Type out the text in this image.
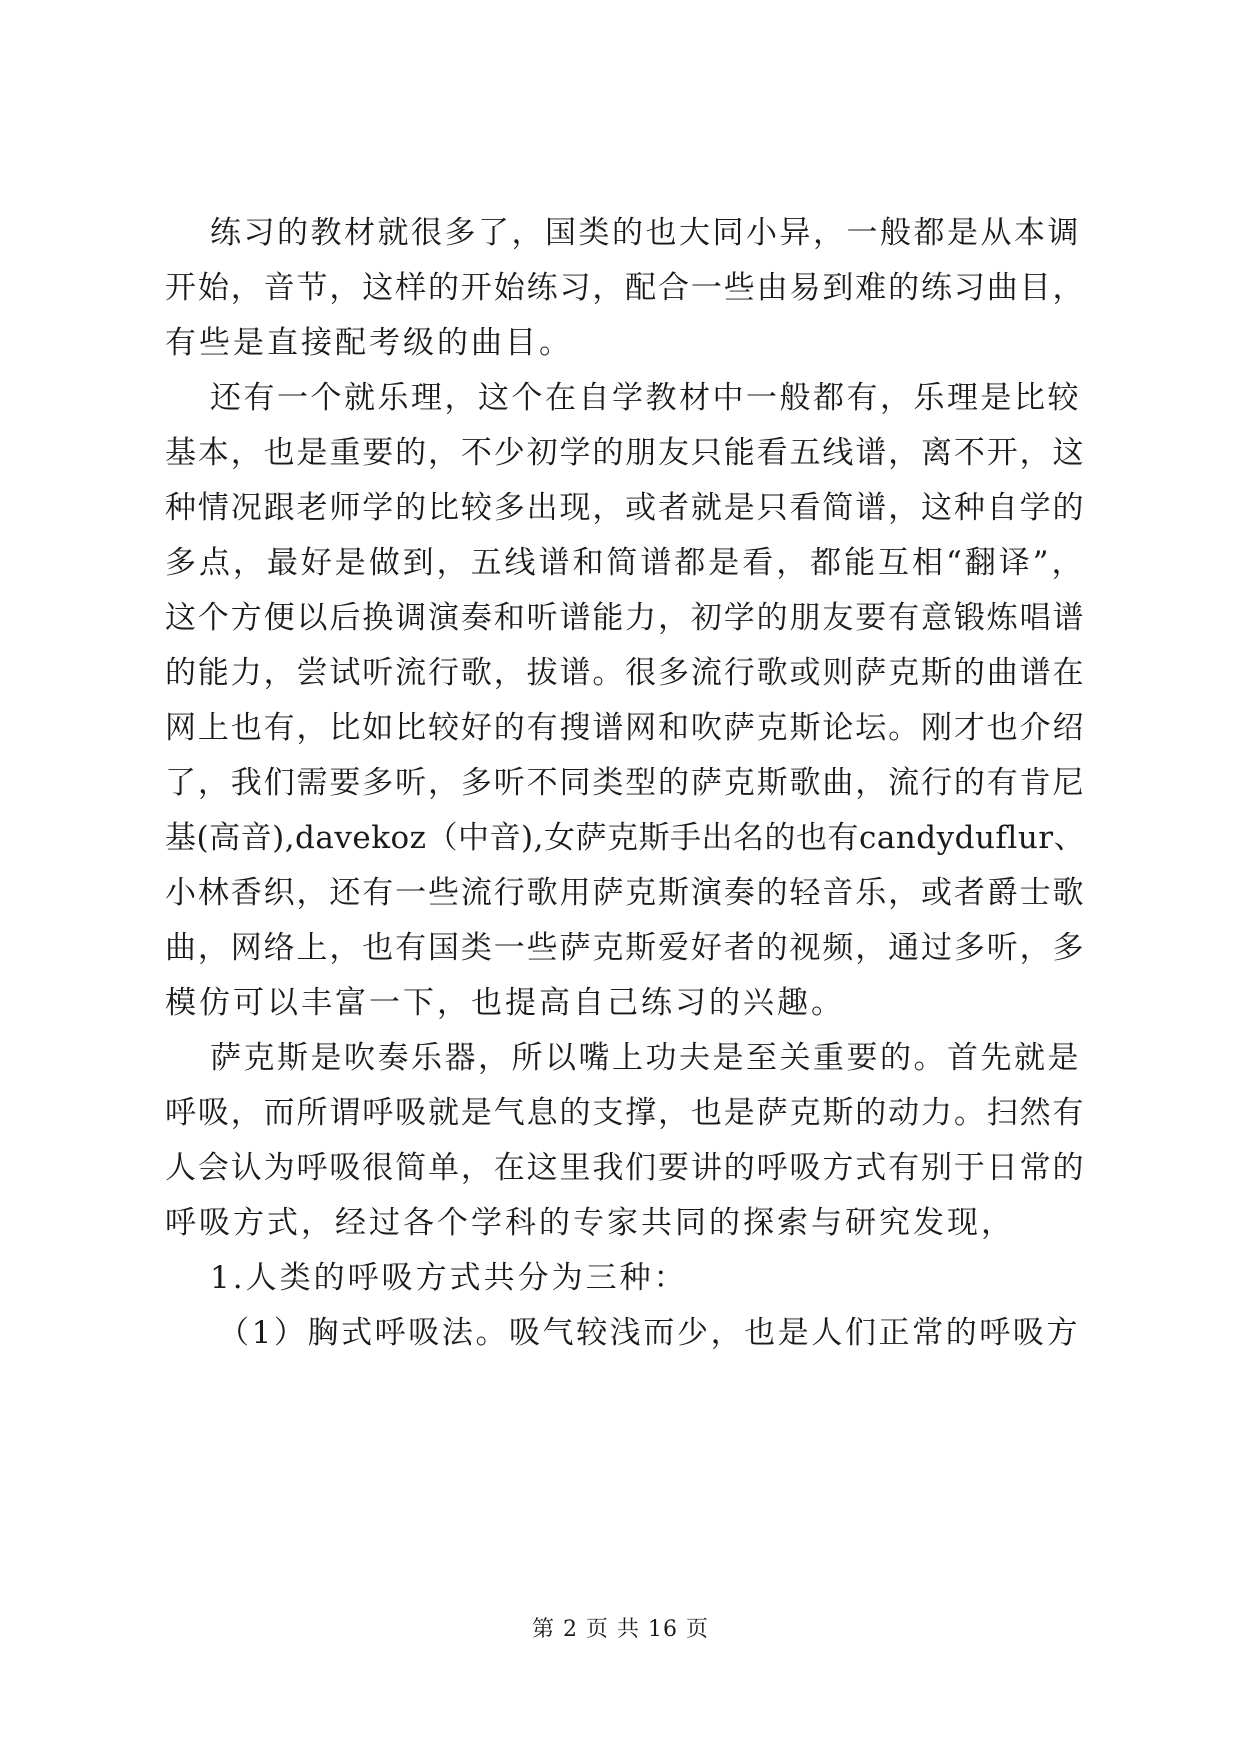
练习的教材就很多了，国类的也大同小异，一般都是从本调
开始，音节，这样的开始练习，配合一些由易到难的练习曲目，
有些是直接配考级的曲目。
还有一个就乐理，这个在自学教材中一般都有，乐理是比较
基本，也是重要的，不少初学的朋友只能看五线谱，离不开，这
种情况跟老师学的比较多出现，或者就是只看简谱，这种自学的
多点，最好是做到，五线谱和简谱都是看，都能互相“翻译”，
这个方便以后换调演奏和听谱能力，初学的朋友要有意锻炼唱谱
的能力，尝试听流行歌，拔谱。很多流行歌或则萨克斯的曲谱在
网上也有，比如比较好的有搜谱网和吹萨克斯论坛。刚才也介绍
了，我们需要多听，多听不同类型的萨克斯歌曲，流行的有肯尼
基(高音),davekoz（中音),女萨克斯手出名的也有candyduflur、
小林香织，还有一些流行歌用萨克斯演奏的轻音乐，或者爵士歌
曲，网络上，也有国类一些萨克斯爱好者的视频，通过多听，多
模仿可以丰富一下，也提高自己练习的兴趣。
萨克斯是吹奏乐器，所以嘴上功夫是至关重要的。首先就是
呼吸，而所谓呼吸就是气息的支撑，也是萨克斯的动力。扫然有
人会认为呼吸很简单，在这里我们要讲的呼吸方式有别于日常的
呼吸方式，经过各个学科的专家共同的探索与研究发现，
1.人类的呼吸方式共分为三种：
（1）胸式呼吸法。吸气较浅而少，也是人们正常的呼吸方
第 2 页 共 16 页
